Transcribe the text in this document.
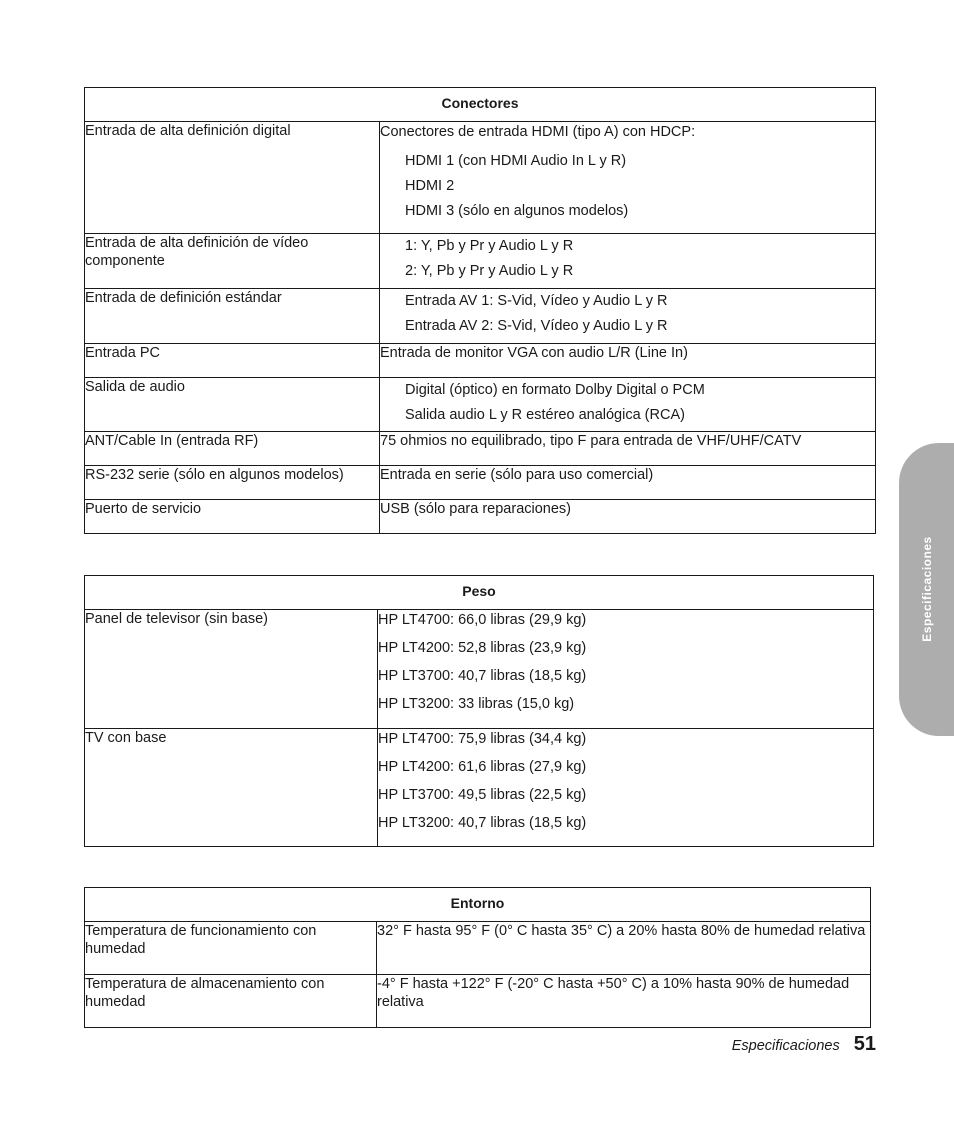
Conectores	
Entrada de alta definición digital	Conectores de entrada HDMI (tipo A) con HDCP:
HDMI 1 (con HDMI Audio In L y R)
HDMI 2
HDMI 3 (sólo en algunos modelos)

Entrada de alta definición de vídeo componente	1: Y, Pb y Pr y Audio L y R
2: Y, Pb y Pr y Audio L y R

Entrada de definición estándar	Entrada AV 1: S-Vid, Vídeo y Audio L y R
Entrada AV 2: S-Vid, Vídeo y Audio L y R

Entrada PC	Entrada de monitor VGA con audio L/R (Line In)
Salida de audio	Digital (óptico) en formato Dolby Digital o PCM
Salida audio L y R estéreo analógica (RCA)

ANT/Cable In (entrada RF)	75 ohmios no equilibrado, tipo F para entrada de VHF/UHF/CATV
RS-232 serie (sólo en algunos modelos)	Entrada en serie (sólo para uso comercial)
Puerto de servicio	USB (sólo para reparaciones)
Peso	
Panel de televisor (sin base)	HP LT4700: 66,0 libras (29,9 kg)
HP LT4200: 52,8 libras (23,9 kg)
HP LT3700: 40,7 libras (18,5 kg)
HP LT3200: 33 libras (15,0 kg)

TV con base	HP LT4700: 75,9 libras (34,4 kg)
HP LT4200: 61,6 libras (27,9 kg)
HP LT3700: 49,5 libras (22,5 kg)
HP LT3200: 40,7 libras (18,5 kg)
Entorno	
Temperatura de funcionamiento con humedad	32° F hasta 95° F (0° C hasta 35° C) a 20% hasta 80% de humedad relativa
Temperatura de almacenamiento con humedad	-4° F hasta +122° F (-20° C hasta +50° C) a 10% hasta 90% de humedad relativa
Especificaciones
Especificaciones 51
